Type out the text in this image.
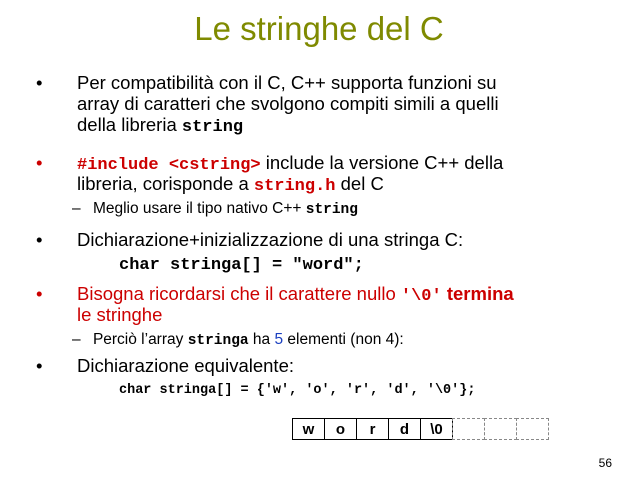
Le stringhe del C
• Per compatibilità con il C, C++ supporta funzioni su
array di caratteri che svolgono compiti simili a quelli
della libreria string
• #include <cstring> include la versione C++ della
libreria, corisponde a string.h del C
– Meglio usare il tipo nativo C++ string
• Dichiarazione+inizializzazione di una stringa C:
char stringa[] = "word";
• Bisogna ricordarsi che il carattere nullo '\0' termina
le stringhe
– Perciò l’array stringa ha 5 elementi (non 4):
• Dichiarazione equivalente:
char stringa[] = {'w', 'o', 'r', 'd', '\0'};
w	o	r	d	\0
56
